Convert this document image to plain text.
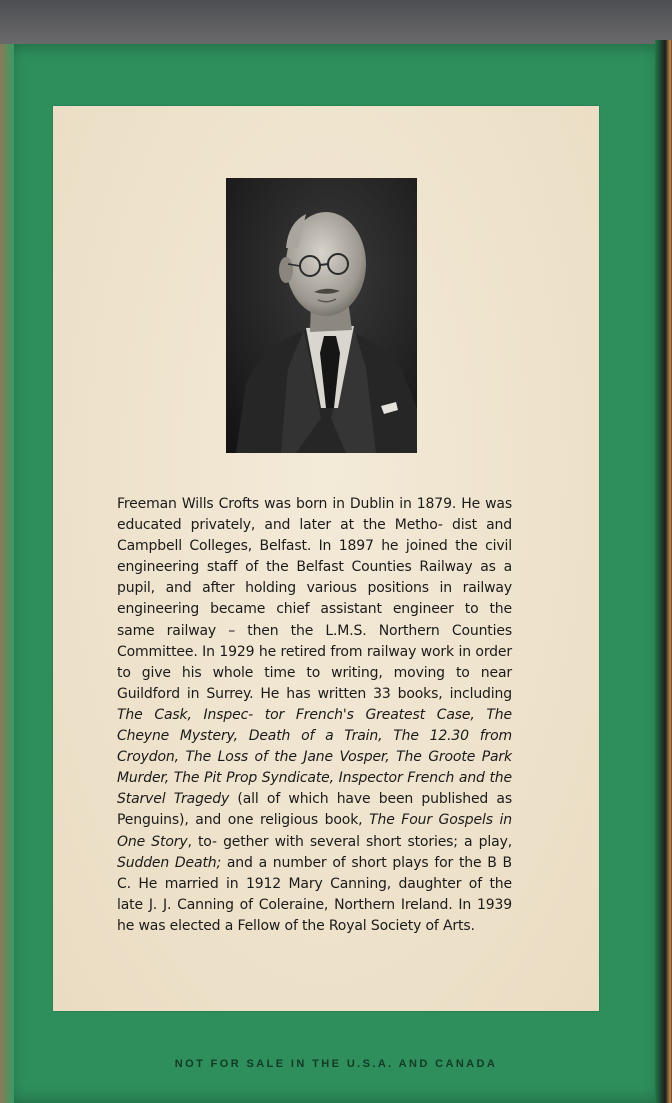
Freeman Wills Crofts was born in Dublin in 1879. He was educated privately, and later at the Metho- dist and Campbell Colleges, Belfast. In 1897 he joined the civil engineering staff of the Belfast Counties Railway as a pupil, and after holding various positions in railway engineering became chief assistant engineer to the same railway – then the L.M.S. Northern Counties Committee. In 1929 he retired from railway work in order to give his whole time to writing, moving to near Guildford in Surrey. He has written 33 books, including The Cask, Inspec- tor French's Greatest Case, The Cheyne Mystery, Death of a Train, The 12.30 from Croydon, The Loss of the Jane Vosper, The Groote Park Murder, The Pit Prop Syndicate, Inspector French and the Starvel Tragedy (all of which have been published as Penguins), and one religious book, The Four Gospels in One Story, to- gether with several short stories; a play, Sudden Death; and a number of short plays for the B B C. He married in 1912 Mary Canning, daughter of the late J. J. Canning of Coleraine, Northern Ireland. In 1939 he was elected a Fellow of the Royal Society of Arts.
NOT FOR SALE IN THE U.S.A. AND CANADA
